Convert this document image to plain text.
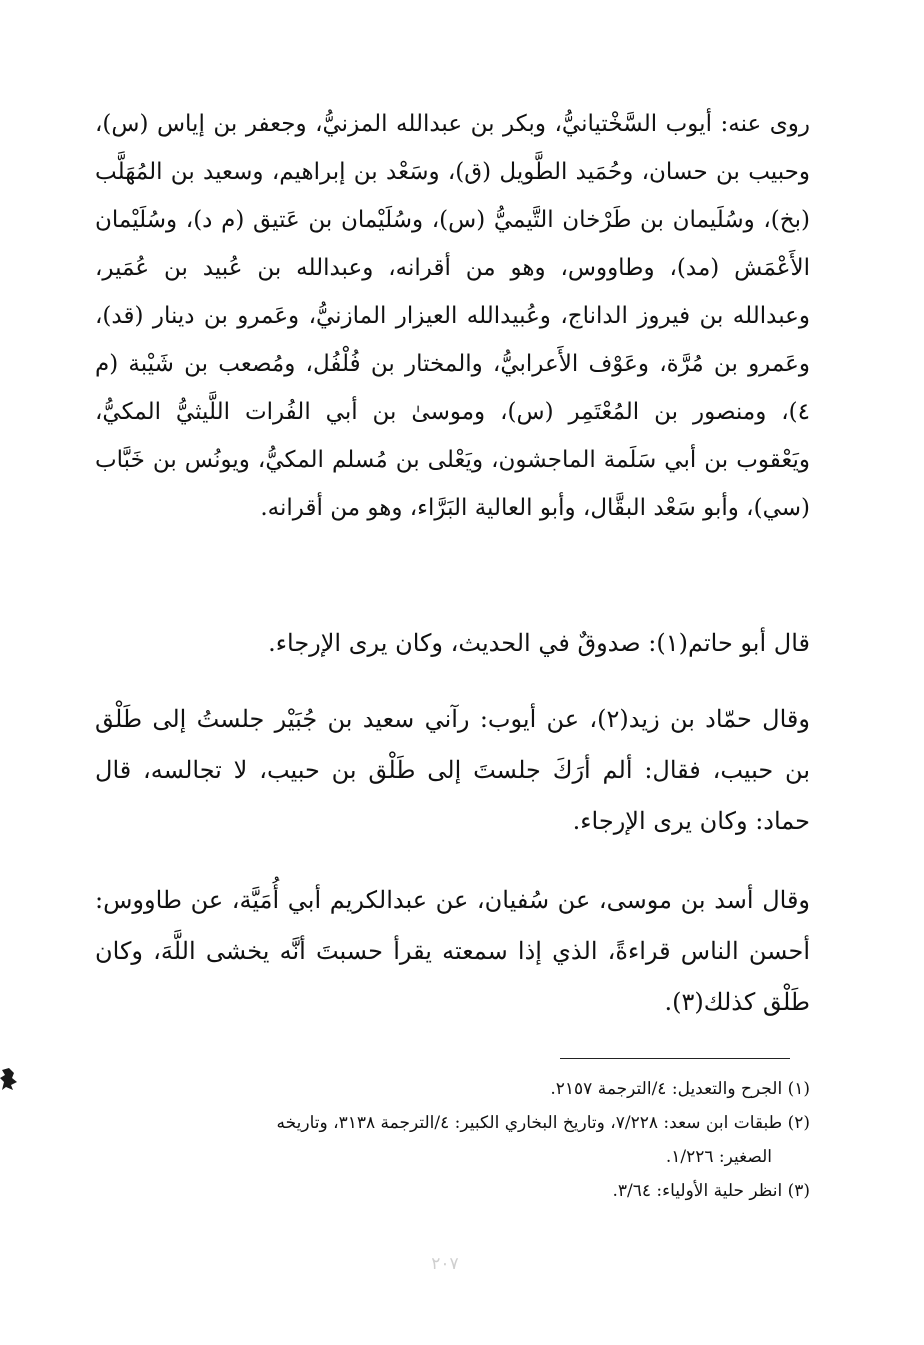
روى عنه: أيوب السَّخْتيانيُّ، وبكر بن عبدالله المزنيُّ، وجعفر بن إياس (س)، وحبيب بن حسان، وحُمَيد الطَّويل (ق)، وسَعْد بن إبراهيم، وسعيد بن المُهَلَّب (بخ)، وسُلَيمان بن طَرْخان التَّيميُّ (س)، وسُلَيْمان بن عَتيق (م د)، وسُلَيْمان الأَعْمَش (مد)، وطاووس، وهو من أقرانه، وعبدالله بن عُبيد بن عُمَير، وعبدالله بن فيروز الداناج، وعُبيدالله العيزار المازنيُّ، وعَمرو بن دينار (قد)، وعَمرو بن مُرَّة، وعَوْف الأَعرابيُّ، والمختار بن فُلْفُل، ومُصعب بن شَيْبة (م ٤)، ومنصور بن المُعْتَمِر (س)، وموسىٰ بن أبي الفُرات اللَّيثيُّ المكيُّ، ويَعْقوب بن أبي سَلَمة الماجشون، ويَعْلى بن مُسلم المكيُّ، ويونُس بن خَبَّاب (سي)، وأبو سَعْد البقَّال، وأبو العالية البَرَّاء، وهو من أقرانه.
قال أبو حاتم(١): صدوقٌ في الحديث، وكان يرى الإرجاء.
وقال حمّاد بن زيد(٢)، عن أيوب: رآني سعيد بن جُبَيْر جلستُ إلى طَلْق بن حبيب، فقال: ألم أرَكَ جلستَ إلى طَلْق بن حبيب، لا تجالسه، قال حماد: وكان يرى الإرجاء.
وقال أسد بن موسى، عن سُفيان، عن عبدالكريم أبي أُمَيَّة، عن طاووس: أحسن الناس قراءةً، الذي إذا سمعته يقرأ حسبتَ أنَّه يخشى اللَّهَ، وكان طَلْق كذلك(٣).

(١) الجرح والتعديل: ٤/الترجمة ٢١٥٧.

(٢) طبقات ابن سعد: ٧/٢٢٨، وتاريخ البخاري الكبير: ٤/الترجمة ٣١٣٨، وتاريخه

الصغير: ١/٢٢٦.

(٣) انظر حلية الأولياء: ٣/٦٤.

٢٠٧
